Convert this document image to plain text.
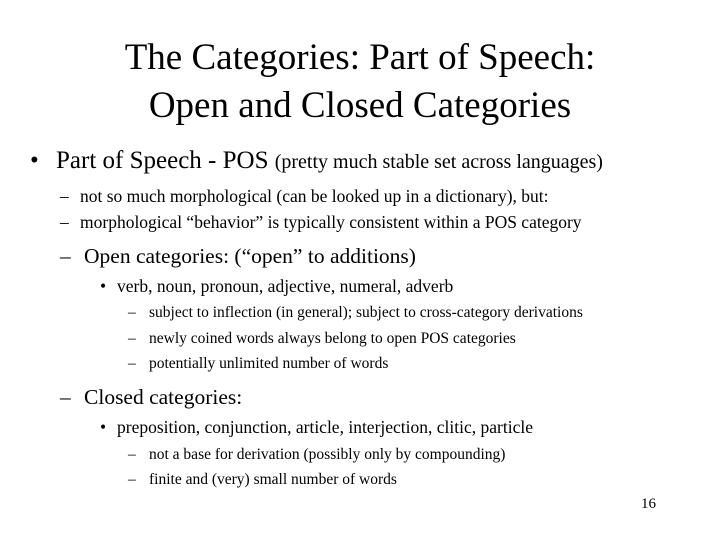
The Categories: Part of Speech:
Open and Closed Categories
• Part of Speech - POS (pretty much stable set across languages)
– not so much morphological (can be looked up in a dictionary), but:
– morphological “behavior” is typically consistent within a POS category
– Open categories: (“open” to additions)
• verb, noun, pronoun, adjective, numeral, adverb
– subject to inflection (in general); subject to cross-category derivations
– newly coined words always belong to open POS categories
– potentially unlimited number of words
– Closed categories:
• preposition, conjunction, article, interjection, clitic, particle
– not a base for derivation (possibly only by compounding)
– finite and (very) small number of words
16
